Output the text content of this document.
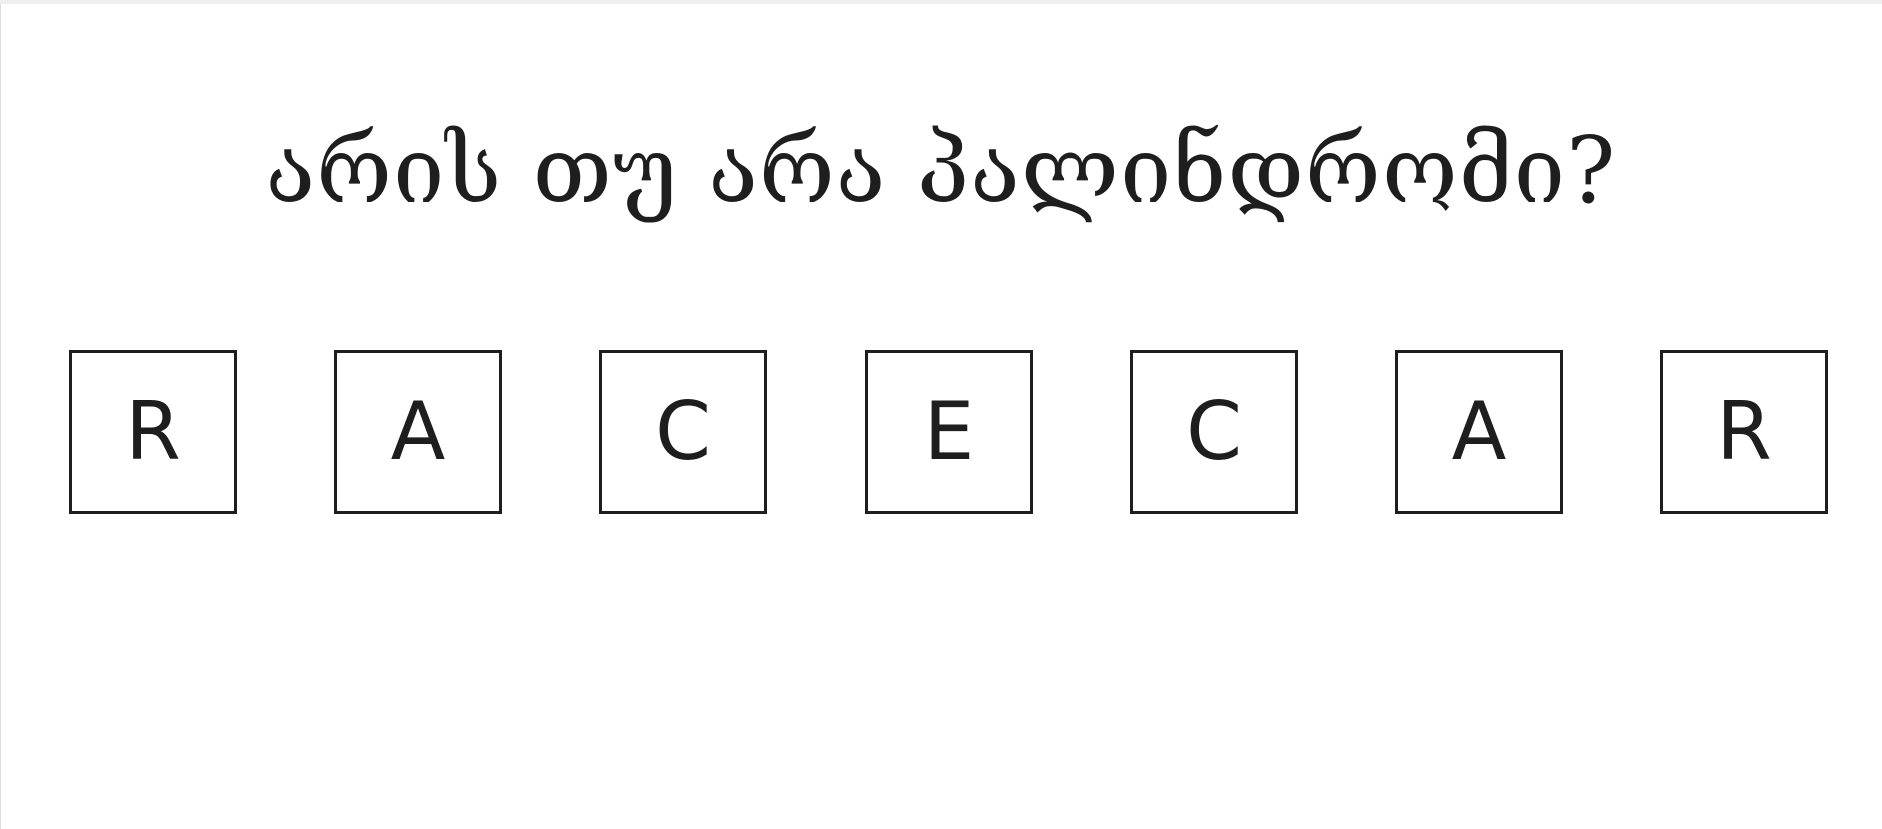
არის თუ არა პალინდრომი?
R	A	C	E	C	A	R
